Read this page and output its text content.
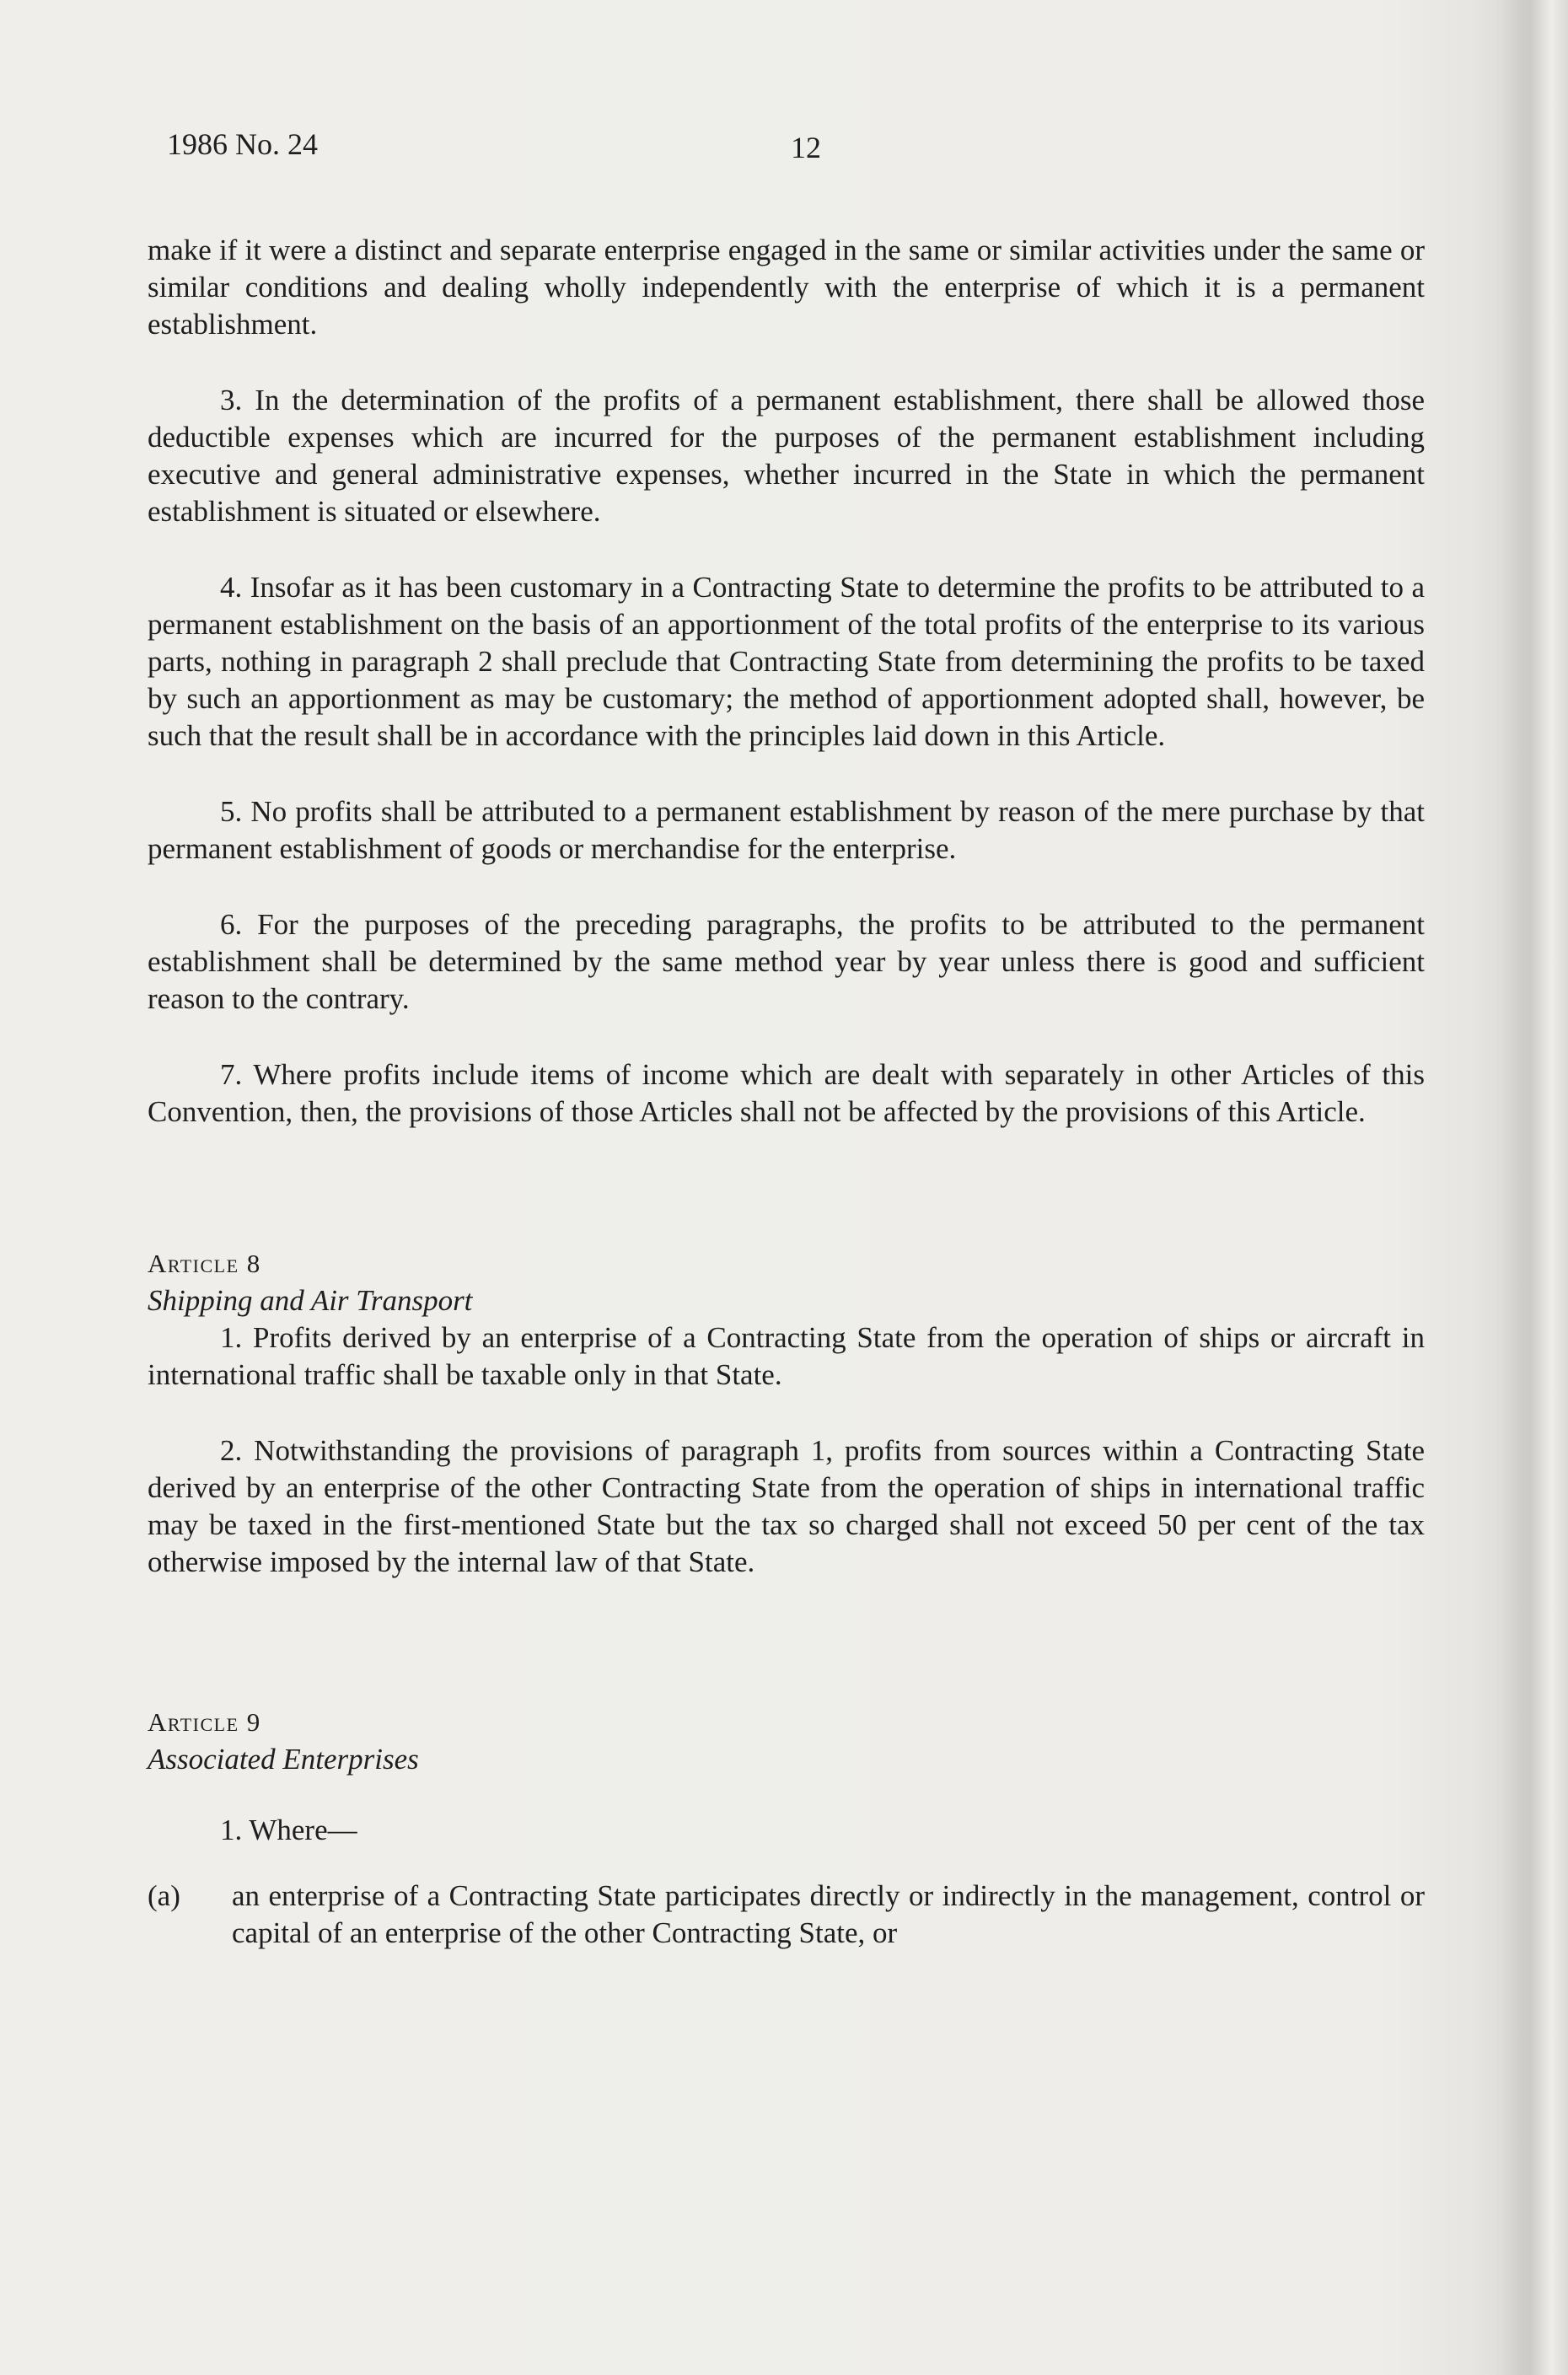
1986 No. 24	12

make if it were a distinct and separate enterprise engaged in the same or similar activities under the same or similar conditions and dealing wholly independently with the enterprise of which it is a permanent establishment.

3. In the determination of the profits of a permanent establishment, there shall be allowed those deductible expenses which are incurred for the purposes of the permanent establishment including executive and general administrative expenses, whether incurred in the State in which the permanent establishment is situated or elsewhere.

4. Insofar as it has been customary in a Contracting State to determine the profits to be attributed to a permanent establishment on the basis of an apportionment of the total profits of the enterprise to its various parts, nothing in paragraph 2 shall preclude that Contracting State from determining the profits to be taxed by such an apportionment as may be customary; the method of apportionment adopted shall, however, be such that the result shall be in accordance with the principles laid down in this Article.

5. No profits shall be attributed to a permanent establishment by reason of the mere purchase by that permanent establishment of goods or merchandise for the enterprise.

6. For the purposes of the preceding paragraphs, the profits to be attributed to the permanent establishment shall be determined by the same method year by year unless there is good and sufficient reason to the contrary.

7. Where profits include items of income which are dealt with separately in other Articles of this Convention, then, the provisions of those Articles shall not be affected by the provisions of this Article.

Article 8

Shipping and Air Transport

1. Profits derived by an enterprise of a Contracting State from the operation of ships or aircraft in international traffic shall be taxable only in that State.

2. Notwithstanding the provisions of paragraph 1, profits from sources within a Contracting State derived by an enterprise of the other Contracting State from the operation of ships in international traffic may be taxed in the first-mentioned State but the tax so charged shall not exceed 50 per cent of the tax otherwise imposed by the internal law of that State.

Article 9

Associated Enterprises

1. Where—

(a)	an enterprise of a Contracting State participates directly or indirectly in the management, control or capital of an enterprise of the other Contracting State, or
